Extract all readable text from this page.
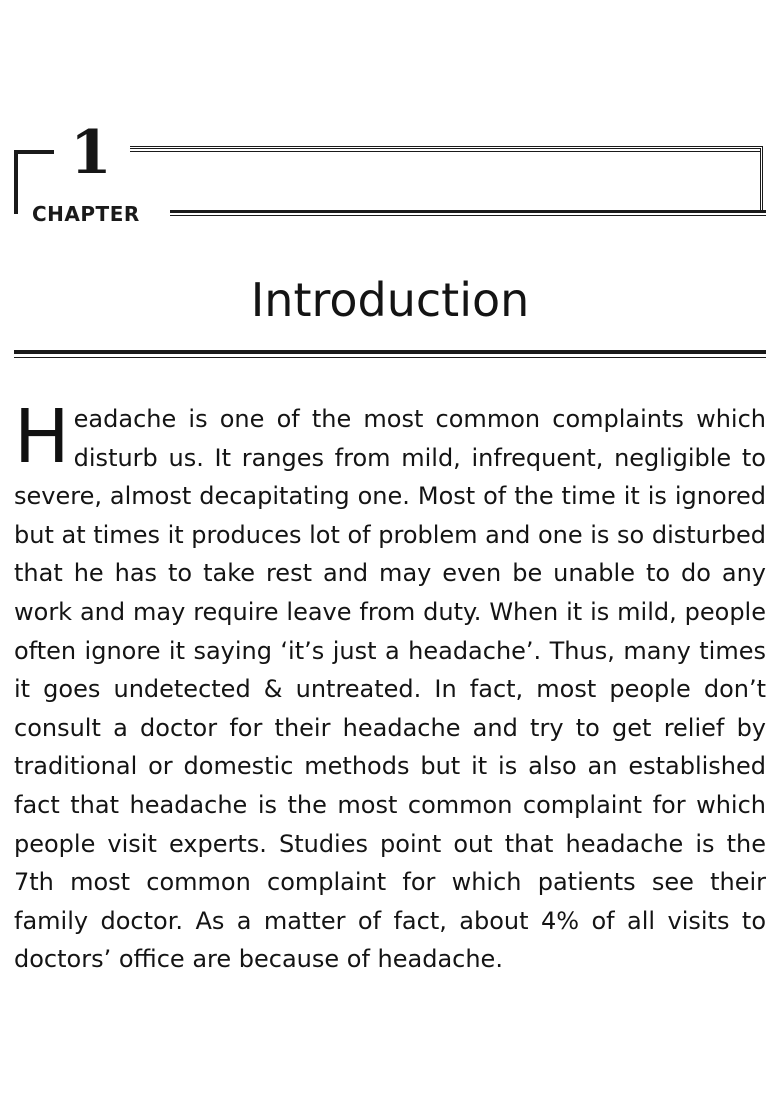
1
CHAPTER
Introduction

Headache is one of the most common complaints which disturb us. It ranges from mild, infrequent, negligible to severe, almost decapitating one. Most of the time it is ignored but at times it produces lot of problem and one is so disturbed that he has to take rest and may even be unable to do any work and may require leave from duty. When it is mild, people often ignore it saying ‘it’s just a headache’. Thus, many times it goes undetected & untreated. In fact, most people don’t consult a doctor for their headache and try to get relief by traditional or domestic methods but it is also an established fact that headache is the most common complaint for which people visit experts. Studies point out that headache is the 7th most common complaint for which patients see their family doctor. As a matter of fact, about 4% of all visits to doctors’ office are because of headache.
